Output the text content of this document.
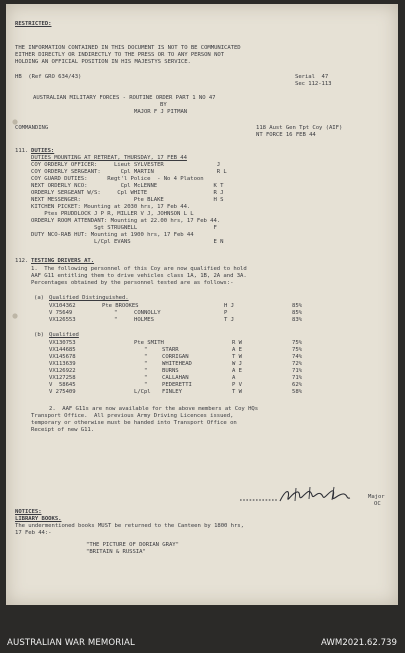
RESTRICTED:
THE INFORMATION CONTAINED IN THIS DOCUMENT IS NOT TO BE COMMUNICATED
EITHER DIRECTLY OR INDIRECTLY TO THE PRESS OR TO ANY PERSON NOT
HOLDING AN OFFICIAL POSITION IN HIS MAJESTYS SERVICE.
HB  (Ref GRO 634/43)	Serial  47
Sec 112-113
AUSTRALIAN MILITARY FORCES - ROUTINE ORDER PART 1 NO 47
BY
MAJOR F J PITMAN
COMMANDING	118 Aust Gen Tpt Coy (AIF)
NT FORCE 16 FEB 44
111. DUTIES:
DUTIES MOUNTING AT RETREAT, THURSDAY, 17 FEB 44
COY ORDERLY OFFICER:     Lieut SYLVESTER                J
COY ORDERLY SERGEANT:      Cpl MARTIN                   R L
COY GUARD DUTIES:      Regt'l Police  - No 4 Platoon
NEXT ORDERLY NCO:          Cpl McLENNE                 K T
ORDERLY SERGEANT W/S:     Cpl WHITE                    R J
NEXT MESSENGER:                Pte BLAKE               H S
KITCHEN PICKET: Mounting at 2030 hrs, 17 Feb 44.
Ptes PRUDDLOCK J P R, MILLER V J, JOHNSON L L
ORDERLY ROOM ATTENDANT: Mounting at 22.00 hrs, 17 Feb 44.
Sgt STRUGNELL                       F
DUTY NCO-RAB HUT: Mounting at 1900 hrs, 17 Feb 44
L/Cpl EVANS                         E N
112. TESTING DRIVERS AT.
1.  The following personnel of this Coy are now qualified to hold
AAF G11 entitling them to drive vehicles class 1A, 1B, 2A and 3A.
Percentages obtained by the personnel tested are as follows:-
(a) Qualified Distinguished.
VX104362	Pte BROOKES	H J	85%
V 75649	"	CONNOLLY	P	85%
VX126553	"	HOLMES	T J	83%
(b) Qualified
VX130753	Pte SMITH	R W	75%
VX144685	"	STARR	A E	75%
VX145678	"	CORRIGAN	T W	74%
VX113639	"	WHITEHEAD	W J	72%
VX126922	"	BURNS	A E	71%
VX127258	"	CALLAHAN	A	71%
V  58645	"	PEDERETTI	P V	62%
V 275409	L/Cpl FINLEY	T W	58%
2.  AAF G11s are now available for the above members at Coy HQs
Transport Office.  All previous Army Driving Licences issued,
temporary or otherwise must be handed into Transport Office on
Receipt of new G11.
Major
OC
NOTICES:
LIBRARY BOOKS.
The undermentioned books MUST be returned to the Canteen by 1800 hrs,
17 Feb 44:-
"THE PICTURE OF DORIAN GRAY"
"BRITAIN & RUSSIA"
AUSTRALIAN WAR MEMORIAL	AWM2021.62.739
